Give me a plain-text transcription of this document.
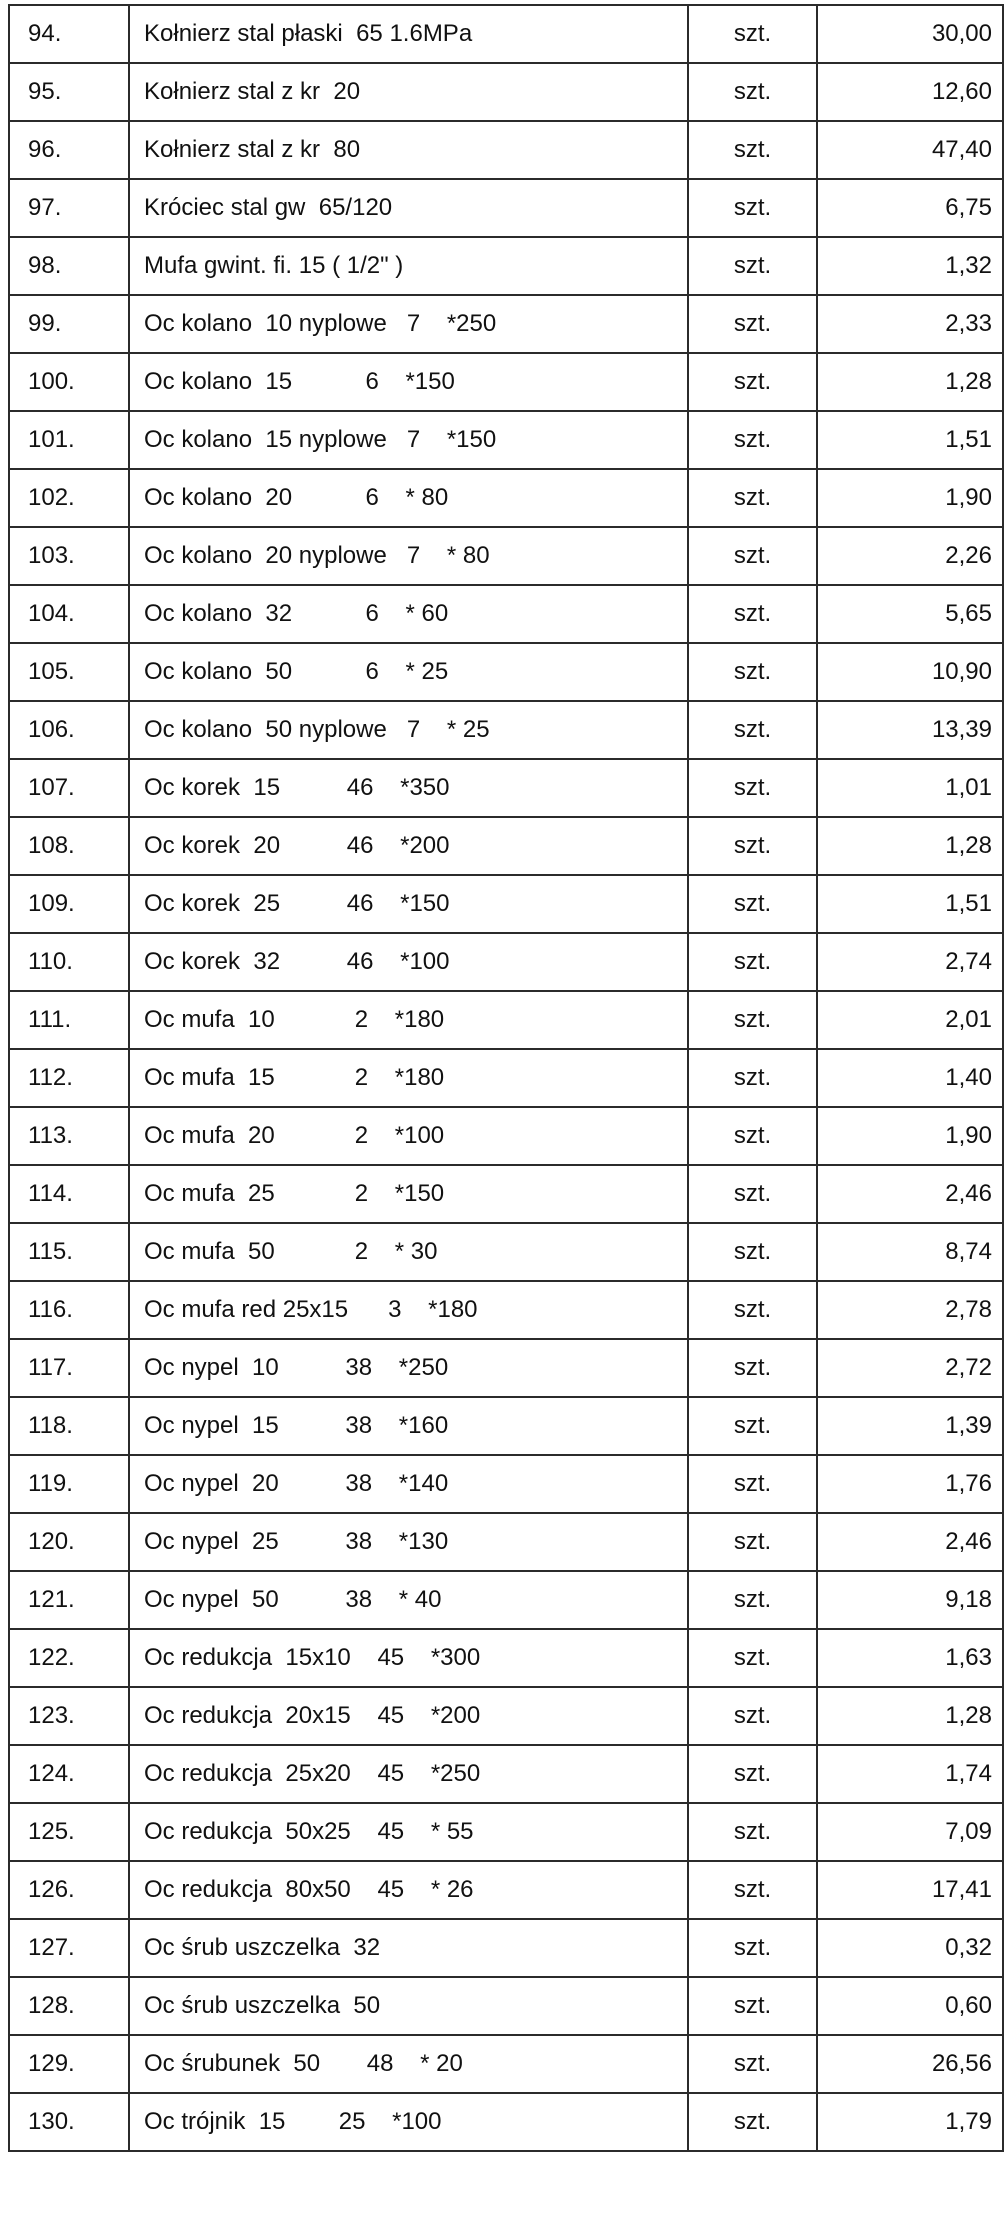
94.	Kołnierz stal płaski  65 1.6MPa	szt.	30,00
95.	Kołnierz stal z kr  20	szt.	12,60
96.	Kołnierz stal z kr  80	szt.	47,40
97.	Króciec stal gw  65/120	szt.	6,75
98.	Mufa gwint. fi. 15 ( 1/2" )	szt.	1,32
99.	Oc kolano  10 nyplowe   7    *250	szt.	2,33
100.	Oc kolano  15           6    *150	szt.	1,28
101.	Oc kolano  15 nyplowe   7    *150	szt.	1,51
102.	Oc kolano  20           6    * 80	szt.	1,90
103.	Oc kolano  20 nyplowe   7    * 80	szt.	2,26
104.	Oc kolano  32           6    * 60	szt.	5,65
105.	Oc kolano  50           6    * 25	szt.	10,90
106.	Oc kolano  50 nyplowe   7    * 25	szt.	13,39
107.	Oc korek  15          46    *350	szt.	1,01
108.	Oc korek  20          46    *200	szt.	1,28
109.	Oc korek  25          46    *150	szt.	1,51
110.	Oc korek  32          46    *100	szt.	2,74
111.	Oc mufa  10            2    *180	szt.	2,01
112.	Oc mufa  15            2    *180	szt.	1,40
113.	Oc mufa  20            2    *100	szt.	1,90
114.	Oc mufa  25            2    *150	szt.	2,46
115.	Oc mufa  50            2    * 30	szt.	8,74
116.	Oc mufa red 25x15      3    *180	szt.	2,78
117.	Oc nypel  10          38    *250	szt.	2,72
118.	Oc nypel  15          38    *160	szt.	1,39
119.	Oc nypel  20          38    *140	szt.	1,76
120.	Oc nypel  25          38    *130	szt.	2,46
121.	Oc nypel  50          38    * 40	szt.	9,18
122.	Oc redukcja  15x10    45    *300	szt.	1,63
123.	Oc redukcja  20x15    45    *200	szt.	1,28
124.	Oc redukcja  25x20    45    *250	szt.	1,74
125.	Oc redukcja  50x25    45    * 55	szt.	7,09
126.	Oc redukcja  80x50    45    * 26	szt.	17,41
127.	Oc śrub uszczelka  32	szt.	0,32
128.	Oc śrub uszczelka  50	szt.	0,60
129.	Oc śrubunek  50       48    * 20	szt.	26,56
130.	Oc trójnik  15        25    *100	szt.	1,79
